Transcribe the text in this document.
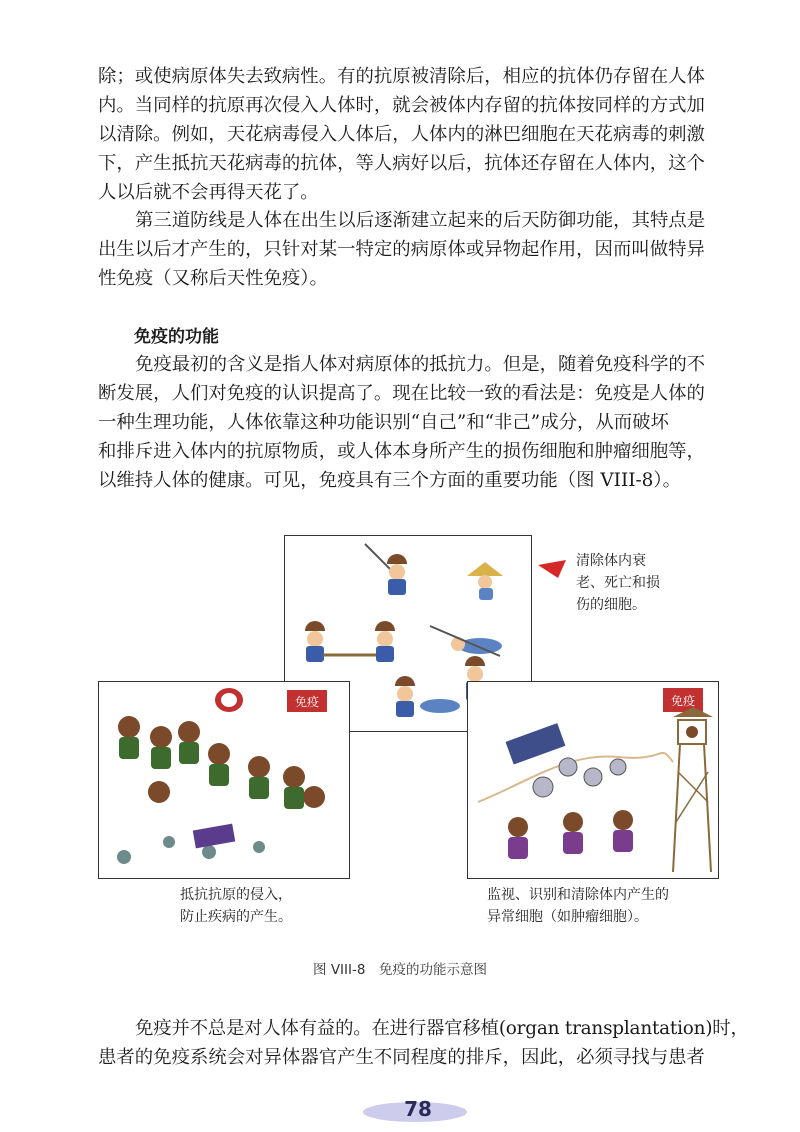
除；或使病原体失去致病性。有的抗原被清除后，相应的抗体仍存留在人体
内。当同样的抗原再次侵入人体时，就会被体内存留的抗体按同样的方式加
以清除。例如，天花病毒侵入人体后，人体内的淋巴细胞在天花病毒的刺激
下，产生抵抗天花病毒的抗体，等人病好以后，抗体还存留在人体内，这个
人以后就不会再得天花了。
第三道防线是人体在出生以后逐渐建立起来的后天防御功能，其特点是
出生以后才产生的，只针对某一特定的病原体或异物起作用，因而叫做特异
性免疫（又称后天性免疫）。
免疫的功能
免疫最初的含义是指人体对病原体的抵抗力。但是，随着免疫科学的不
断发展，人们对免疫的认识提高了。现在比较一致的看法是：免疫是人体的
一种生理功能，人体依靠这种功能识别“自己”和“非己”成分，从而破坏
和排斥进入体内的抗原物质，或人体本身所产生的损伤细胞和肿瘤细胞等，
以维持人体的健康。可见，免疫具有三个方面的重要功能（图 VIII-8）。
清除体内衰
老、死亡和损
伤的细胞。
免疫	免疫
抵抗抗原的侵入，
防止疾病的产生。
监视、识别和清除体内产生的
异常细胞（如肿瘤细胞）。
图 VIII-8　免疫的功能示意图
免疫并不总是对人体有益的。在进行器官移植(organ transplantation)时，
患者的免疫系统会对异体器官产生不同程度的排斥，因此，必须寻找与患者
78
